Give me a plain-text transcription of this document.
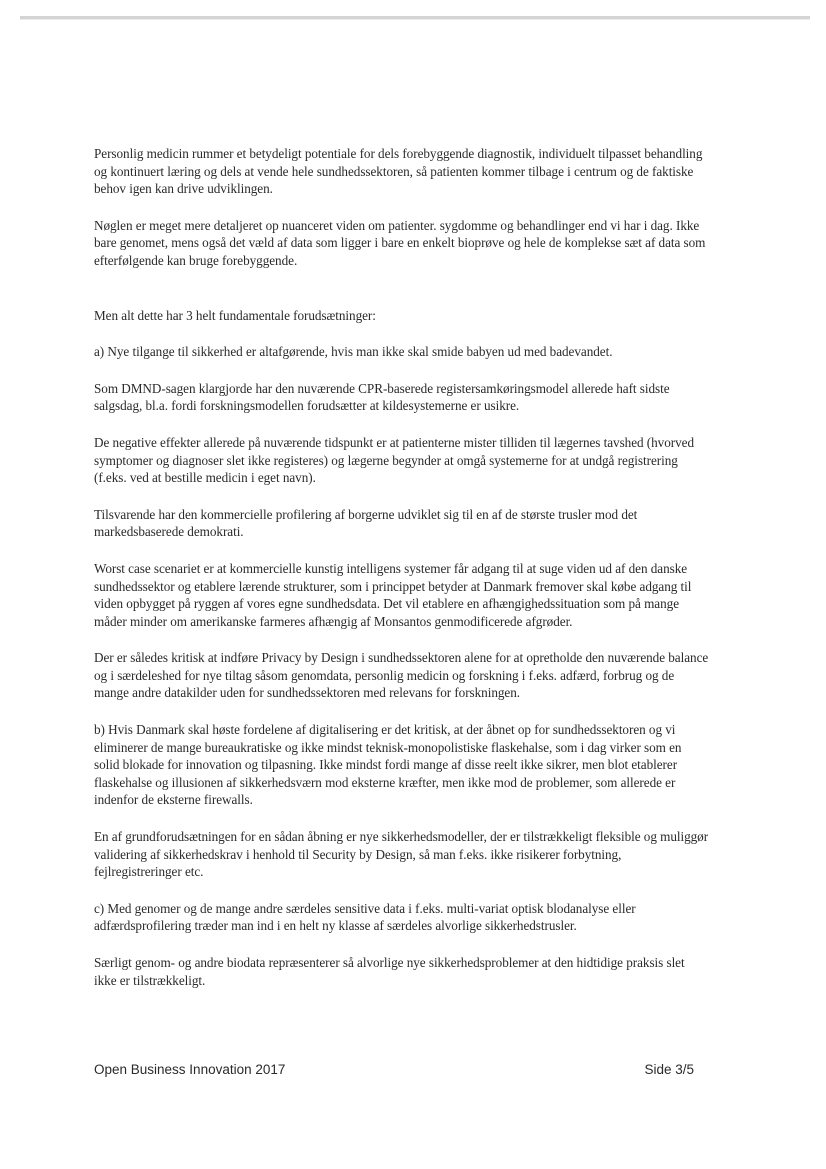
Personlig medicin rummer et betydeligt potentiale for dels forebyggende diagnostik, individuelt tilpasset behandling og kontinuert læring og dels at vende hele sundhedssektoren, så patienten kommer tilbage i centrum og de faktiske behov igen kan drive udviklingen.

Nøglen er meget mere detaljeret op nuanceret viden om patienter. sygdomme og behandlinger end vi har i dag. Ikke bare genomet, mens også det væld af data som ligger i bare en enkelt bioprøve og hele de komplekse sæt af data som efterfølgende kan bruge forebyggende.

Men alt dette har 3 helt fundamentale forudsætninger:

a) Nye tilgange til sikkerhed er altafgørende, hvis man ikke skal smide babyen ud med badevandet.

Som DMND-sagen klargjorde har den nuværende CPR-baserede registersamkøringsmodel allerede haft sidste salgsdag, bl.a. fordi forskningsmodellen forudsætter at kildesystemerne er usikre.

De negative effekter allerede på nuværende tidspunkt er at patienterne mister tilliden til lægernes tavshed (hvorved symptomer og diagnoser slet ikke registeres) og lægerne begynder at omgå systemerne for at undgå registrering (f.eks. ved at bestille medicin i eget navn).

Tilsvarende har den kommercielle profilering af borgerne udviklet sig til en af de største trusler mod det markedsbaserede demokrati.

Worst case scenariet er at kommercielle kunstig intelligens systemer får adgang til at suge viden ud af den danske sundhedssektor og etablere lærende strukturer, som i princippet betyder at Danmark fremover skal købe adgang til viden opbygget på ryggen af vores egne sundhedsdata. Det vil etablere en afhængighedssituation som på mange måder minder om amerikanske farmeres afhængig af Monsantos genmodificerede afgrøder.

Der er således kritisk at indføre Privacy by Design i sundhedssektoren alene for at opretholde den nuværende balance og i særdeleshed for nye tiltag såsom genomdata, personlig medicin og forskning i f.eks. adfærd, forbrug og de mange andre datakilder uden for sundhedssektoren med relevans for forskningen.

b) Hvis Danmark skal høste fordelene af digitalisering er det kritisk, at der åbnet op for sundhedssektoren og vi eliminerer de mange bureaukratiske og ikke mindst teknisk-monopolistiske flaskehalse, som i dag virker som en solid blokade for innovation og tilpasning. Ikke mindst fordi mange af disse reelt ikke sikrer, men blot etablerer flaskehalse og illusionen af sikkerhedsværn mod eksterne kræfter, men ikke mod de problemer, som allerede er indenfor de eksterne firewalls.

En af grundforudsætningen for en sådan åbning er nye sikkerhedsmodeller, der er tilstrækkeligt fleksible og muliggør validering af sikkerhedskrav i henhold til Security by Design, så man f.eks. ikke risikerer forbytning, fejlregistreringer etc.

c) Med genomer og de mange andre særdeles sensitive data i f.eks. multi-variat optisk blodanalyse eller adfærdsprofilering træder man ind i en helt ny klasse af særdeles alvorlige sikkerhedstrusler.

Særligt genom- og andre biodata repræsenterer så alvorlige nye sikkerhedsproblemer at den hidtidige praksis slet ikke er tilstrækkeligt.

Open Business Innovation 2017	Side 3/5
